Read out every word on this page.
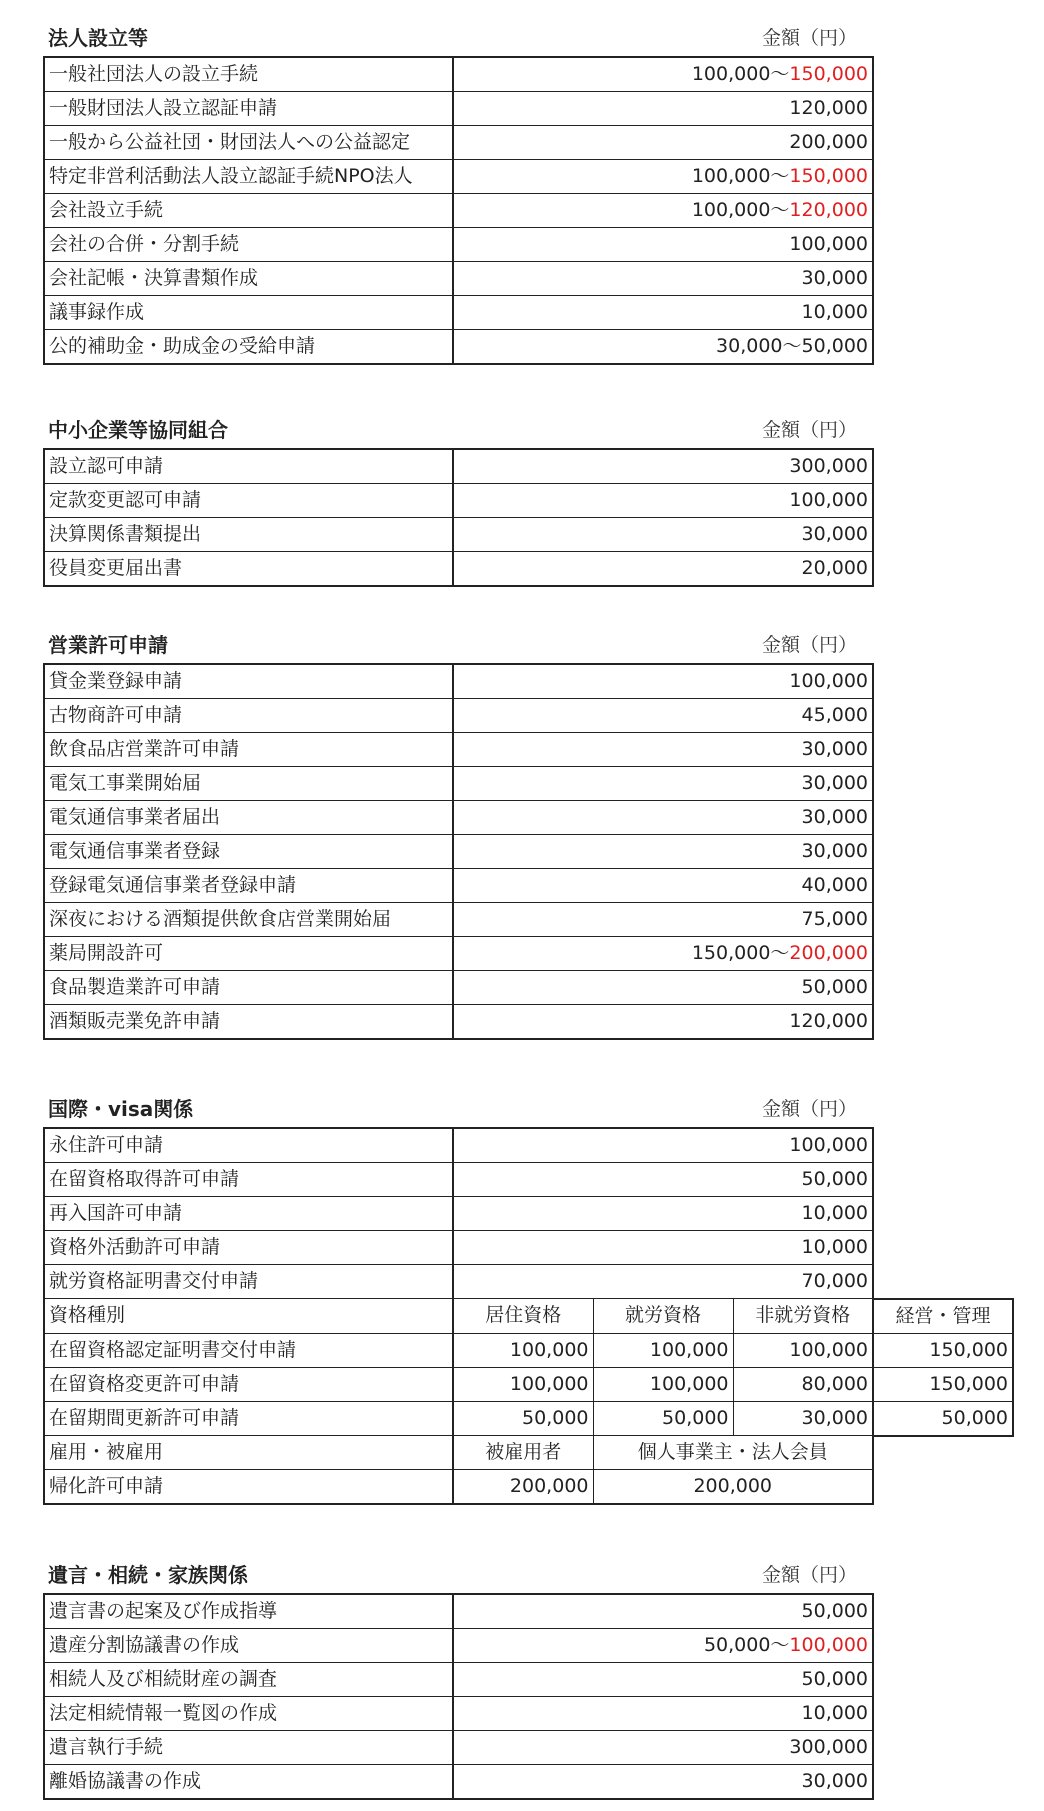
法人設立等	金額（円）
一般社団法人の設立手続	100,000〜150,000
一般財団法人設立認証申請	120,000
一般から公益社団・財団法人への公益認定	200,000
特定非営利活動法人設立認証手続NPO法人	100,000〜150,000
会社設立手続	100,000〜120,000
会社の合併・分割手続	100,000
会社記帳・決算書類作成	30,000
議事録作成	10,000
公的補助金・助成金の受給申請	30,000〜50,000
中小企業等協同組合	金額（円）
設立認可申請	300,000
定款変更認可申請	100,000
決算関係書類提出	30,000
役員変更届出書	20,000
営業許可申請	金額（円）
貸金業登録申請	100,000
古物商許可申請	45,000
飲食品店営業許可申請	30,000
電気工事業開始届	30,000
電気通信事業者届出	30,000
電気通信事業者登録	30,000
登録電気通信事業者登録申請	40,000
深夜における酒類提供飲食店営業開始届	75,000
薬局開設許可	150,000〜200,000
食品製造業許可申請	50,000
酒類販売業免許申請	120,000
国際・visa関係	金額（円）
永住許可申請	100,000			
在留資格取得許可申請	50,000			
再入国許可申請	10,000			
資格外活動許可申請	10,000			
就労資格証明書交付申請	70,000			
資格種別	居住資格	就労資格	非就労資格	経営・管理
在留資格認定証明書交付申請	100,000	100,000	100,000	150,000
在留資格変更許可申請	100,000	100,000	80,000	150,000
在留期間更新許可申請	50,000	50,000	30,000	50,000
雇用・被雇用	被雇用者	個人事業主・法人会員		
帰化許可申請	200,000	200,000		
遺言・相続・家族関係	金額（円）
遺言書の起案及び作成指導	50,000
遺産分割協議書の作成	50,000〜100,000
相続人及び相続財産の調査	50,000
法定相続情報一覧図の作成	10,000
遺言執行手続	300,000
離婚協議書の作成	30,000
